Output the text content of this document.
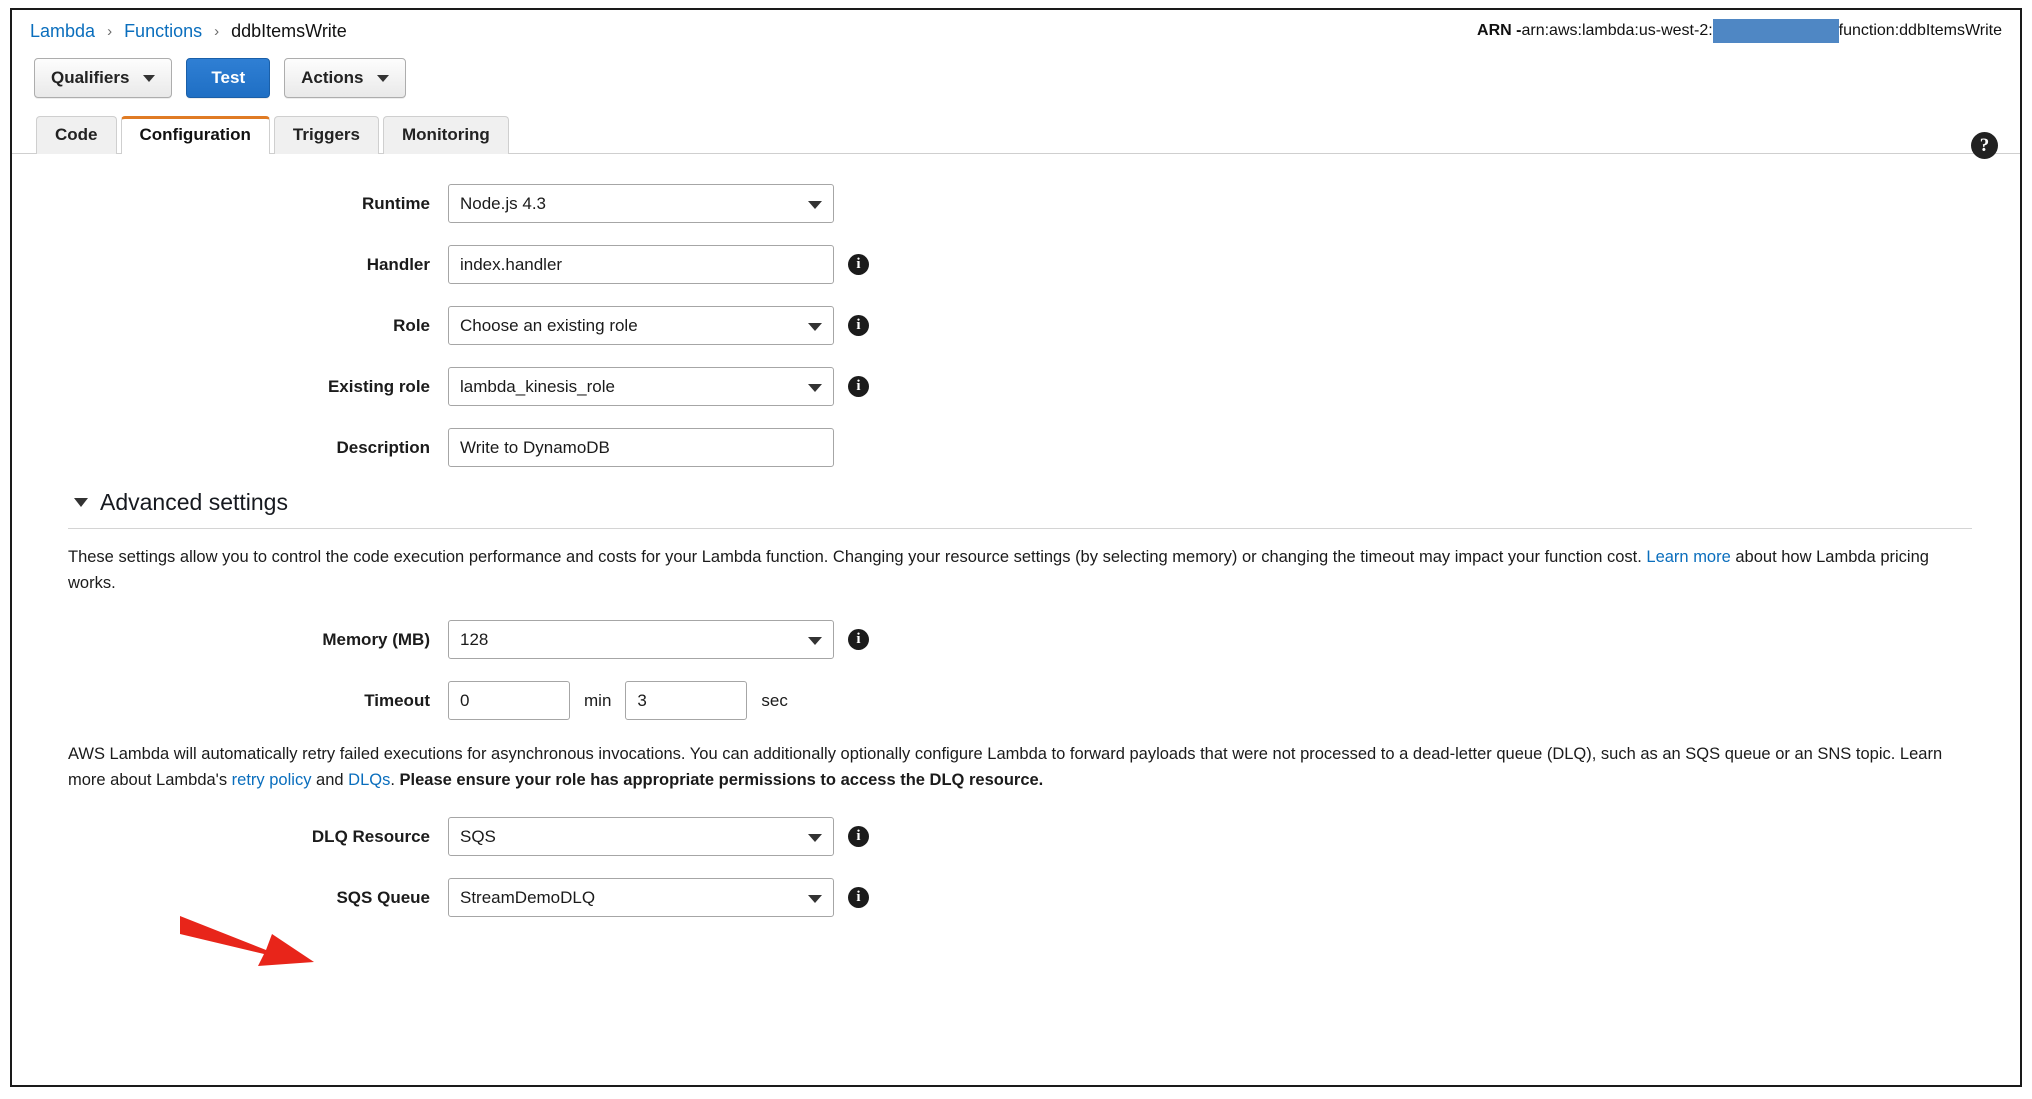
Lambda › Functions › ddbItemsWrite	ARN - arn:aws:lambda:us-west-2:	function:ddbItemsWrite
Qualifiers	Test	Actions
Code	Configuration	Triggers	Monitoring	?
Runtime	Node.js 4.3
Handler	index.handler	i
Role	Choose an existing role	i
Existing role	lambda_kinesis_role	i
Description	Write to DynamoDB
Advanced settings

These settings allow you to control the code execution performance and costs for your Lambda function. Changing your resource settings (by selecting memory) or changing the timeout may impact your function cost. Learn more about how Lambda pricing works.

Memory (MB)	128	i
Timeout	0	min	3	sec

AWS Lambda will automatically retry failed executions for asynchronous invocations. You can additionally optionally configure Lambda to forward payloads that were not processed to a dead-letter queue (DLQ), such as an SQS queue or an SNS topic. Learn more about Lambda's retry policy and DLQs. Please ensure your role has appropriate permissions to access the DLQ resource.

DLQ Resource	SQS	i
SQS Queue	StreamDemoDLQ	i
